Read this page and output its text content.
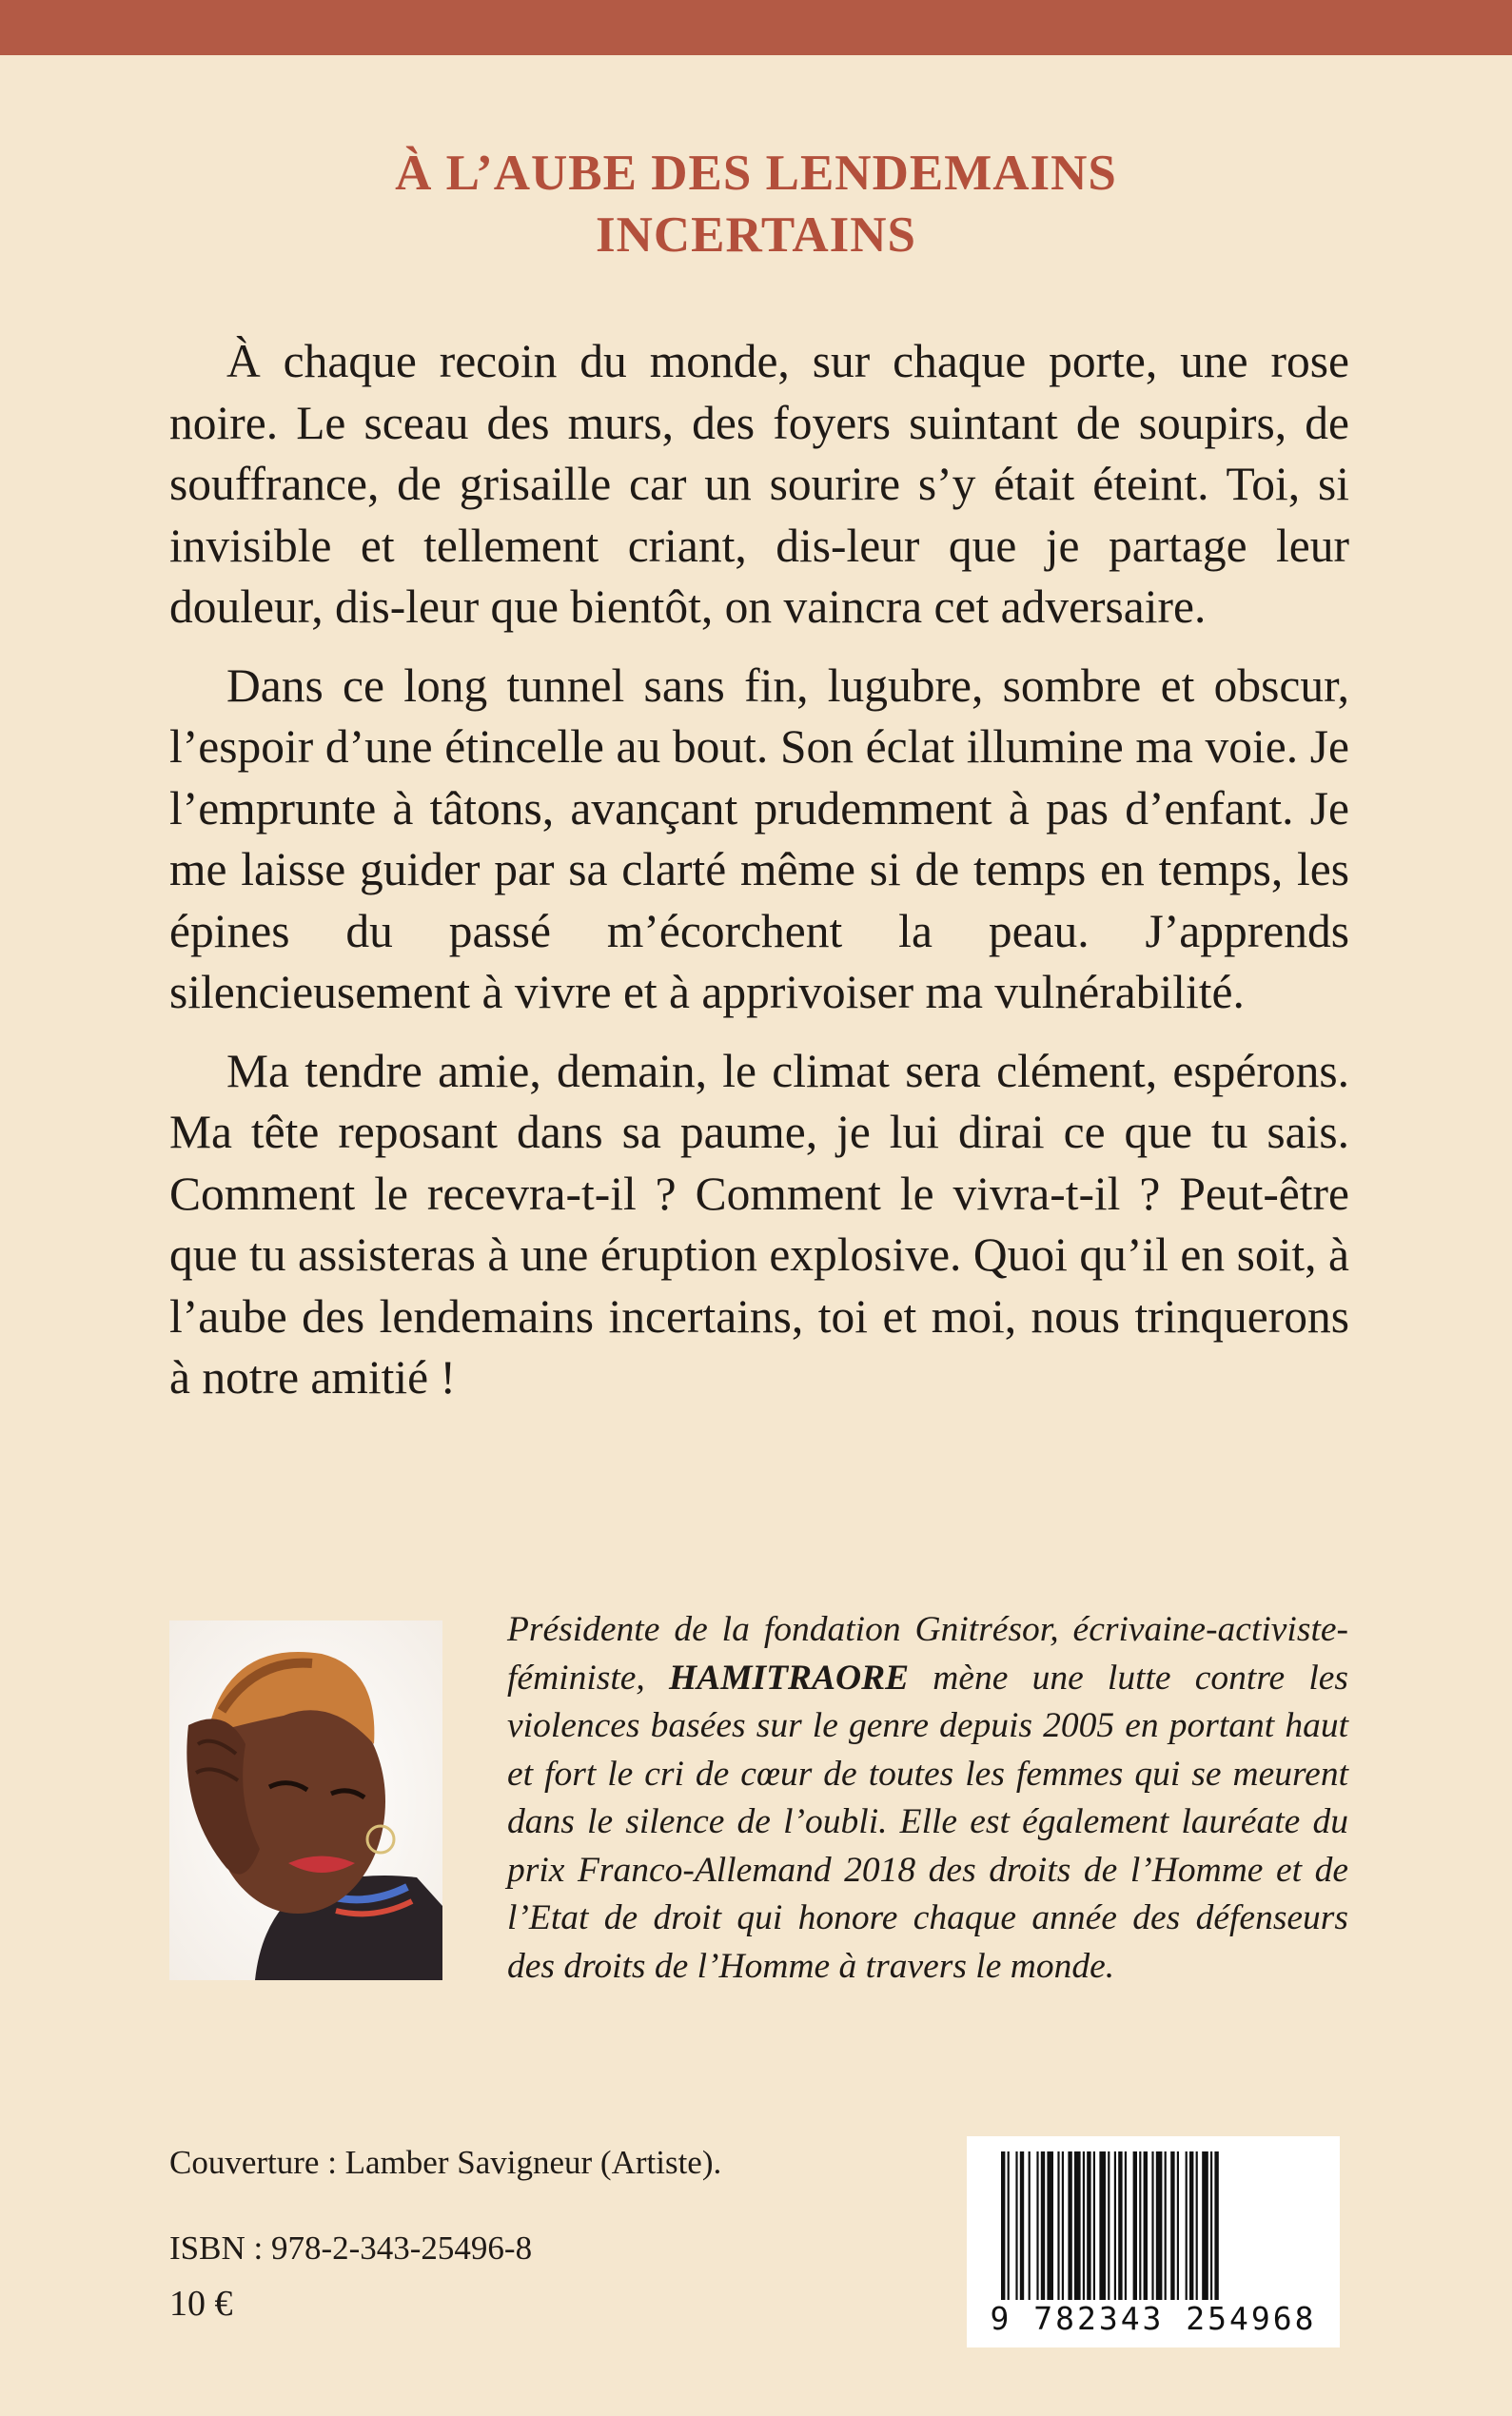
À L’AUBE DES LENDEMAINS
INCERTAINS

À chaque recoin du monde, sur chaque porte, une rose noire. Le sceau des murs, des foyers suintant de soupirs, de souffrance, de grisaille car un sourire s’y était éteint. Toi, si invisible et tellement criant, dis-leur que je partage leur douleur, dis-leur que bientôt, on vaincra cet adversaire.

Dans ce long tunnel sans fin, lugubre, sombre et obscur, l’espoir d’une étincelle au bout. Son éclat illumine ma voie. Je l’emprunte à tâtons, avançant prudemment à pas d’enfant. Je me laisse guider par sa clarté même si de temps en temps, les épines du passé m’écorchent la peau. J’apprends silencieusement à vivre et à apprivoiser ma vulnérabilité.

Ma tendre amie, demain, le climat sera clément, espérons. Ma tête reposant dans sa paume, je lui dirai ce que tu sais. Comment le recevra-t-il ? Comment le vivra-t-il ? Peut-être que tu assisteras à une éruption explosive. Quoi qu’il en soit, à l’aube des lendemains incertains, toi et moi, nous trinquerons à notre amitié !

Présidente de la fondation Gnitrésor, écrivaine-activiste-féministe, HAMITRAORE mène une lutte contre les violences basées sur le genre depuis 2005 en portant haut et fort le cri de cœur de toutes les femmes qui se meurent dans le silence de l’oubli. Elle est également lauréate du prix Franco-Allemand 2018 des droits de l’Homme et de l’Etat de droit qui honore chaque année des défenseurs des droits de l’Homme à travers le monde.
Couverture : Lamber Savigneur (Artiste).
ISBN : 978-2-343-25496-8
10 €	9 782343 254968
